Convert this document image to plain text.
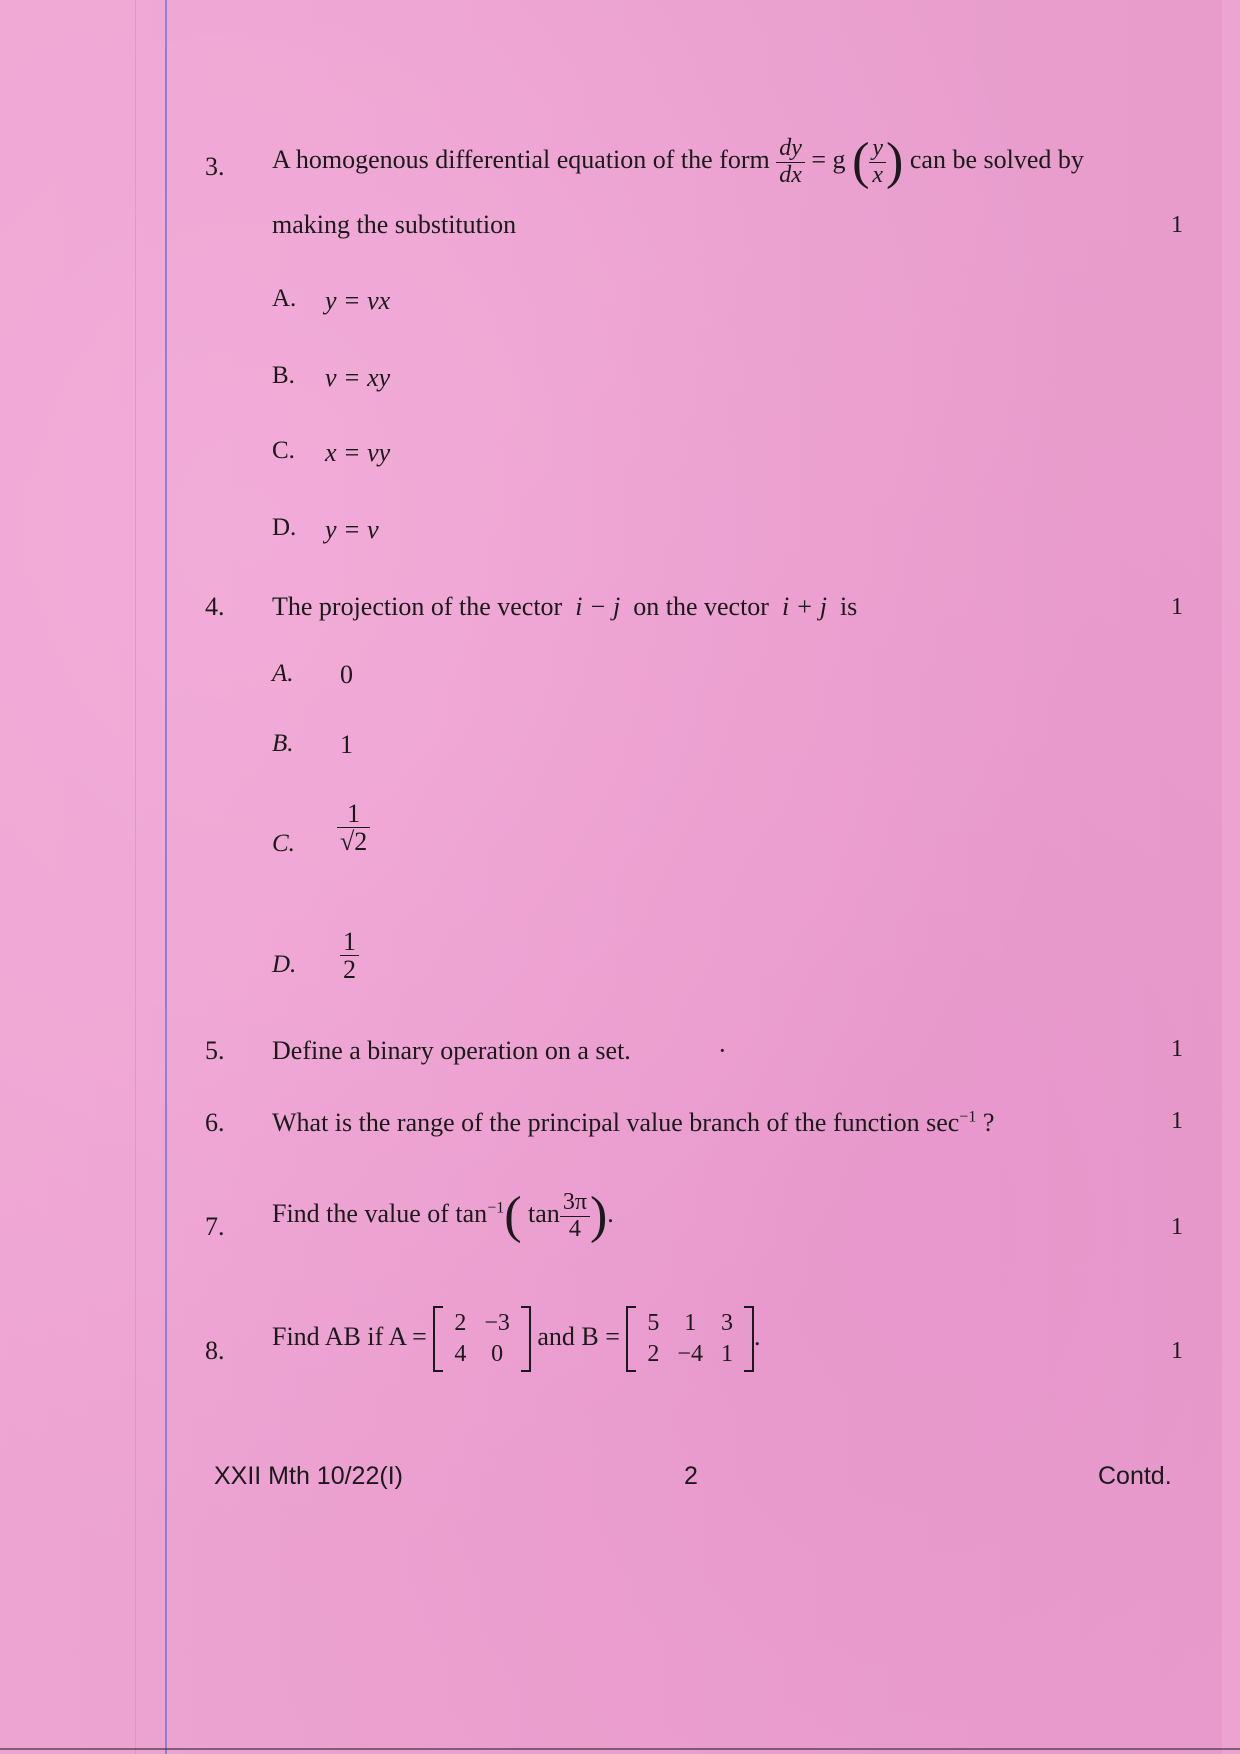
3. A homogenous differential equation of the form $\frac{dy}{dx} = g$ ( $\frac{y}{x}$ ) can be solved by
making the substitution	1
A. y = vx
B. v = xy
C. x = vy
D. y = v
4. The projection of the vector i − j on the vector i + j is	1
A. 0
B. 1
C. $\frac{1}{√2}$
D. $\frac{1}{2}$
5. Define a binary operation on a set.	·	1
6. What is the range of the principal value branch of the function $\sec^{-1}$ ?	1
7. Find the value of $\tan^{-1}$( $\tan \frac{3\pi}{4}$ ).	1
8. Find AB if A = 2	−3
4	0
and B = 5	1	3
2	−4	1
.
1
XXII Mth 10/22(I)	2	Contd.
